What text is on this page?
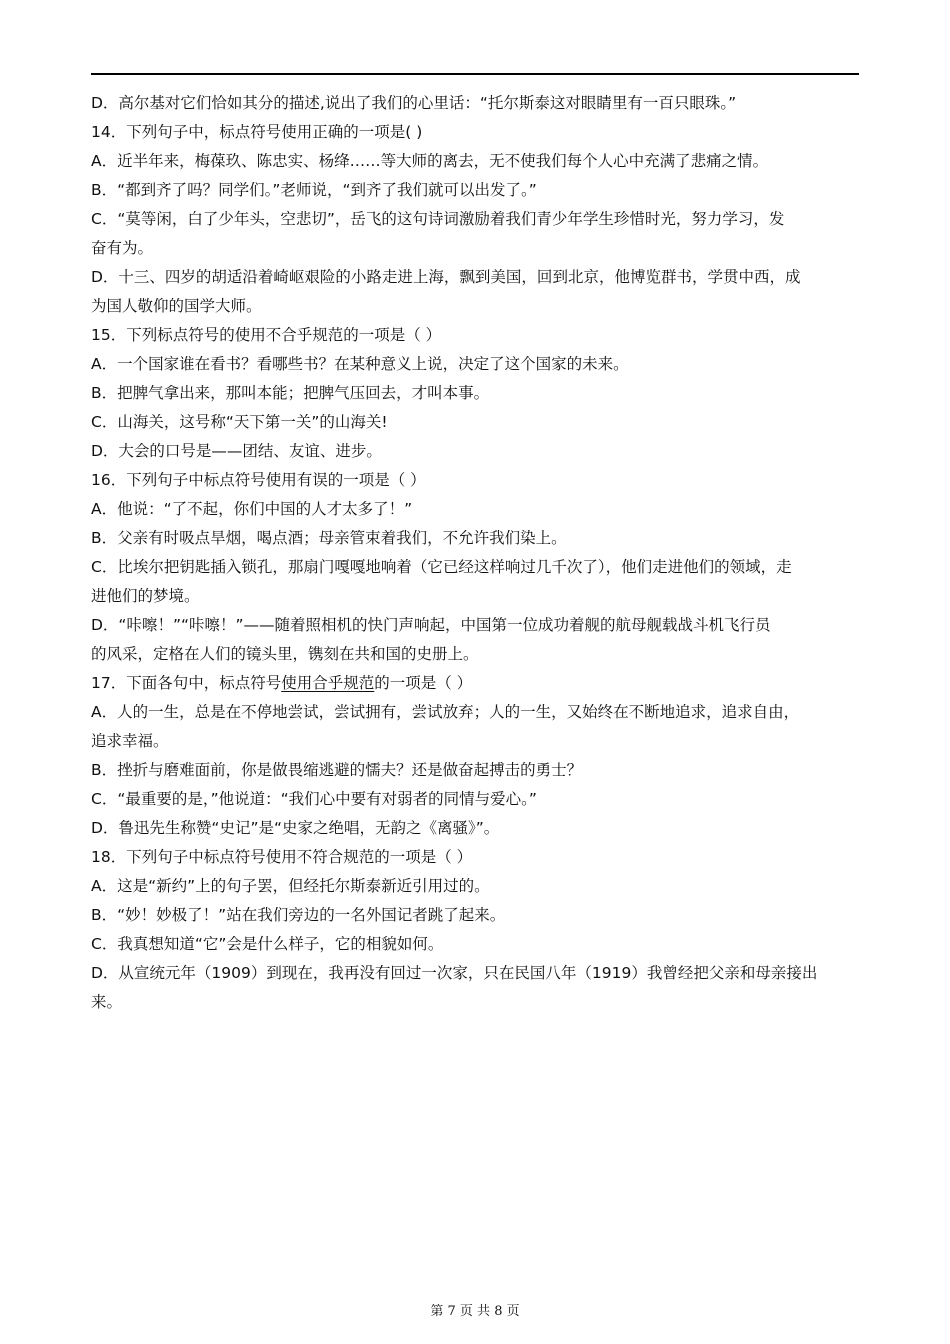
D．高尔基对它们恰如其分的描述,说出了我们的心里话：“托尔斯泰这对眼睛里有一百只眼珠。”
14．下列句子中，标点符号使用正确的一项是( )
A．近半年来，梅葆玖、陈忠实、杨绛……等大师的离去，无不使我们每个人心中充满了悲痛之情。
B．“都到齐了吗？同学们。”老师说，“到齐了我们就可以出发了。”
C．“莫等闲，白了少年头，空悲切”，岳飞的这句诗词激励着我们青少年学生珍惜时光，努力学习，发
奋有为。
D．十三、四岁的胡适沿着崎岖艰险的小路走进上海，飘到美国，回到北京，他博览群书，学贯中西，成
为国人敬仰的国学大师。
15．下列标点符号的使用不合乎规范的一项是（ ）
A．一个国家谁在看书？看哪些书？在某种意义上说，决定了这个国家的未来。
B．把脾气拿出来，那叫本能；把脾气压回去，才叫本事。
C．山海关，这号称“天下第一关”的山海关!
D．大会的口号是——团结、友谊、进步。
16．下列句子中标点符号使用有误的一项是（ ）
A．他说：“了不起，你们中国的人才太多了！”
B．父亲有时吸点旱烟，喝点酒；母亲管束着我们，不允许我们染上。
C．比埃尔把钥匙插入锁孔，那扇门嘎嘎地响着（它已经这样响过几千次了），他们走进他们的领域，走
进他们的梦境。
D．“咔嚓！”“咔嚓！”——随着照相机的快门声响起，中国第一位成功着舰的航母舰载战斗机飞行员
的风采，定格在人们的镜头里，镌刻在共和国的史册上。
17．下面各句中，标点符号使用合乎规范的一项是（ ）
A．人的一生，总是在不停地尝试，尝试拥有，尝试放弃；人的一生，又始终在不断地追求，追求自由，
追求幸福。
B．挫折与磨难面前，你是做畏缩逃避的懦夫？还是做奋起搏击的勇士？
C．“最重要的是，”他说道：“我们心中要有对弱者的同情与爱心。”
D．鲁迅先生称赞“史记”是“史家之绝唱，无韵之《离骚》”。
18．下列句子中标点符号使用不符合规范的一项是（ ）
A．这是“新约”上的句子罢，但经托尔斯泰新近引用过的。
B．“妙！妙极了！”站在我们旁边的一名外国记者跳了起来。
C．我真想知道“它”会是什么样子，它的相貌如何。
D．从宣统元年（1909）到现在，我再没有回过一次家，只在民国八年（1919）我曾经把父亲和母亲接出
来。
第 7 页 共 8 页
